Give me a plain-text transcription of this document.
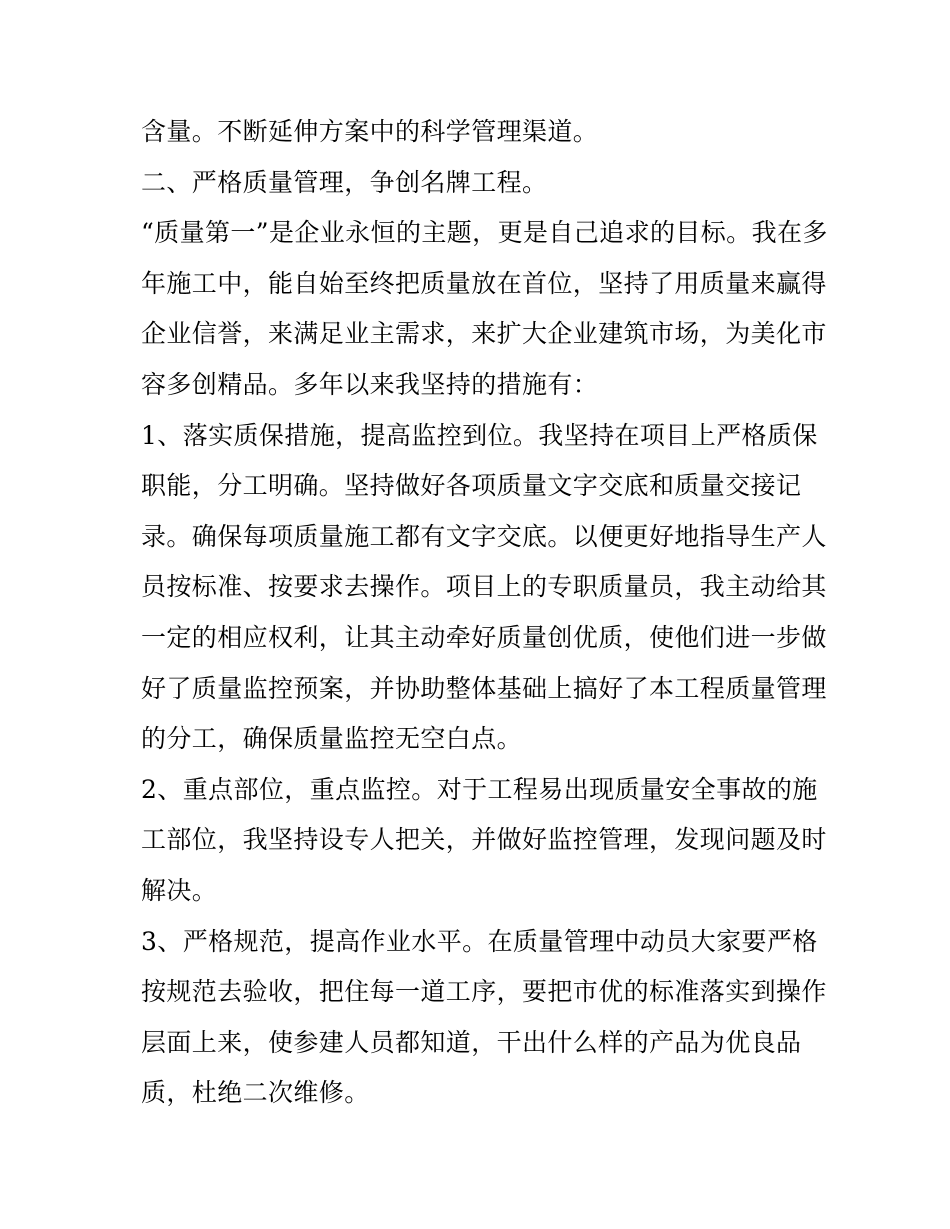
含量。不断延伸方案中的科学管理渠道。
二、严格质量管理，争创名牌工程。
“质量第一”是企业永恒的主题，更是自己追求的目标。我在多
年施工中，能自始至终把质量放在首位，坚持了用质量来赢得
企业信誉，来满足业主需求，来扩大企业建筑市场，为美化市
容多创精品。多年以来我坚持的措施有：
1、落实质保措施，提高监控到位。我坚持在项目上严格质保
职能，分工明确。坚持做好各项质量文字交底和质量交接记
录。确保每项质量施工都有文字交底。以便更好地指导生产人
员按标准、按要求去操作。项目上的专职质量员，我主动给其
一定的相应权利，让其主动牵好质量创优质，使他们进一步做
好了质量监控预案，并协助整体基础上搞好了本工程质量管理
的分工，确保质量监控无空白点。
2、重点部位，重点监控。对于工程易出现质量安全事故的施
工部位，我坚持设专人把关，并做好监控管理，发现问题及时
解决。
3、严格规范，提高作业水平。在质量管理中动员大家要严格
按规范去验收，把住每一道工序，要把市优的标准落实到操作
层面上来，使参建人员都知道，干出什么样的产品为优良品
质，杜绝二次维修。
